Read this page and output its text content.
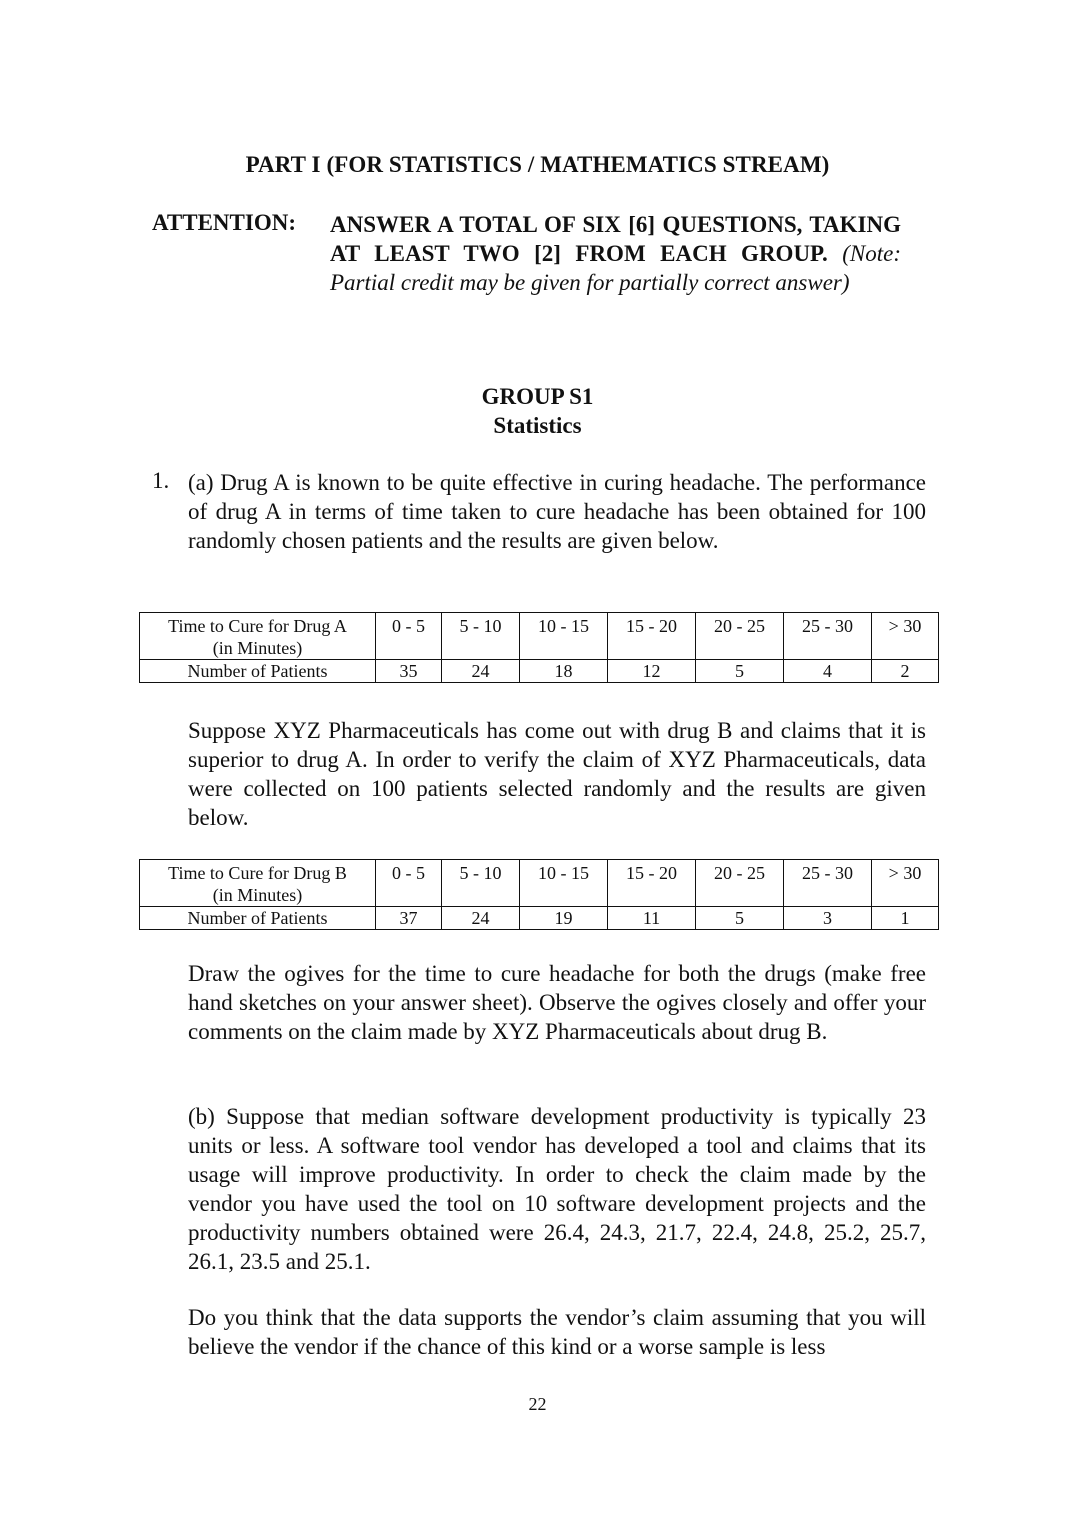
PART I (FOR STATISTICS / MATHEMATICS STREAM)
ATTENTION: ANSWER A TOTAL OF SIX [6] QUESTIONS, TAKING AT LEAST TWO [2] FROM EACH GROUP. (Note: Partial credit may be given for partially correct answer)
GROUP S1
Statistics
1. (a) Drug A is known to be quite effective in curing headache. The performance of drug A in terms of time taken to cure headache has been obtained for 100 randomly chosen patients and the results are given below.

Time to Cure for Drug A
(in Minutes)	0 - 5	5 - 10	10 - 15	15 - 20	20 - 25	25 - 30	> 30
Number of Patients	35	24	18	12	5	4	2

Suppose XYZ Pharmaceuticals has come out with drug B and claims that it is superior to drug A. In order to verify the claim of XYZ Pharmaceuticals, data were collected on 100 patients selected randomly and the results are given below.

Time to Cure for Drug B
(in Minutes)	0 - 5	5 - 10	10 - 15	15 - 20	20 - 25	25 - 30	> 30
Number of Patients	37	24	19	11	5	3	1

Draw the ogives for the time to cure headache for both the drugs (make free hand sketches on your answer sheet). Observe the ogives closely and offer your comments on the claim made by XYZ Pharmaceuticals about drug B.

(b) Suppose that median software development productivity is typically 23 units or less. A software tool vendor has developed a tool and claims that its usage will improve productivity. In order to check the claim made by the vendor you have used the tool on 10 software development projects and the productivity numbers obtained were 26.4, 24.3, 21.7, 22.4, 24.8, 25.2, 25.7, 26.1, 23.5 and 25.1.

Do you think that the data supports the vendor’s claim assuming that you will believe the vendor if the chance of this kind or a worse sample is less

22
